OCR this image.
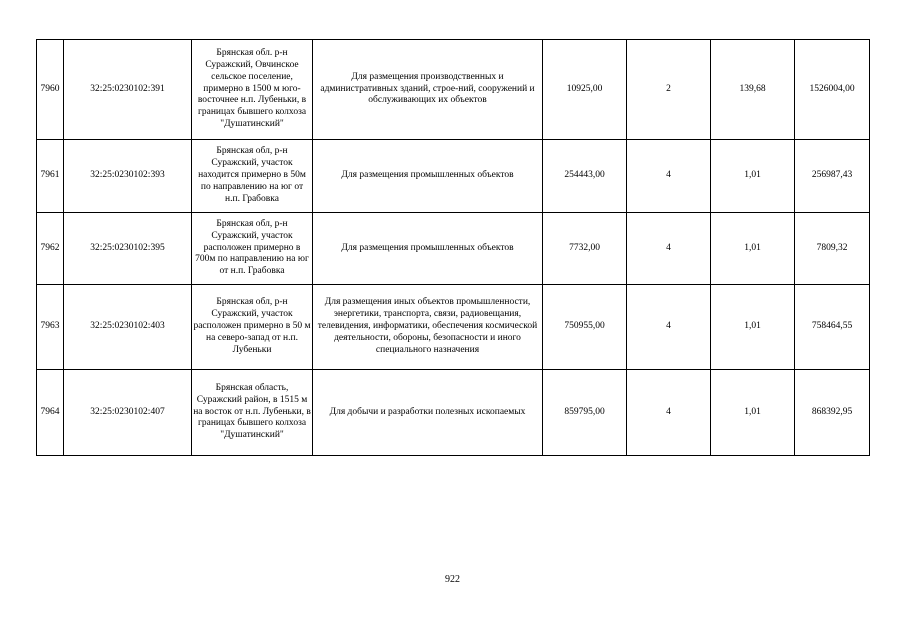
7960	32:25:0230102:391	Брянская обл. р-н Суражский, Овчинское сельское поселение, примерно в 1500 м юго-восточнее н.п. Лубеньки, в границах бывшего колхоза "Душатинский"	Для размещения производственных и административных зданий, строе-ний, сооружений и обслуживающих их объектов	10925,00	2	139,68	1526004,00
7961	32:25:0230102:393	Брянская обл, р-н Суражский, участок находится примерно в 50м по направлению на юг от н.п. Грабовка	Для размещения промышленных объектов	254443,00	4	1,01	256987,43
7962	32:25:0230102:395	Брянская обл, р-н Суражский, участок расположен примерно в 700м по направлению на юг от н.п. Грабовка	Для размещения промышленных объектов	7732,00	4	1,01	7809,32
7963	32:25:0230102:403	Брянская обл, р-н Суражский, участок расположен примерно в 50 м на северо-запад от н.п. Лубеньки	Для размещения иных объектов промышленности, энергетики, транспорта, связи, радиовещания, телевидения, информатики, обеспечения космической деятельности, обороны, безопасности и иного специального назначения	750955,00	4	1,01	758464,55
7964	32:25:0230102:407	Брянская область, Суражский район, в 1515 м на восток от н.п. Лубеньки, в границах бывшего колхоза "Душатинский"	Для добычи и разработки полезных ископаемых	859795,00	4	1,01	868392,95
922
